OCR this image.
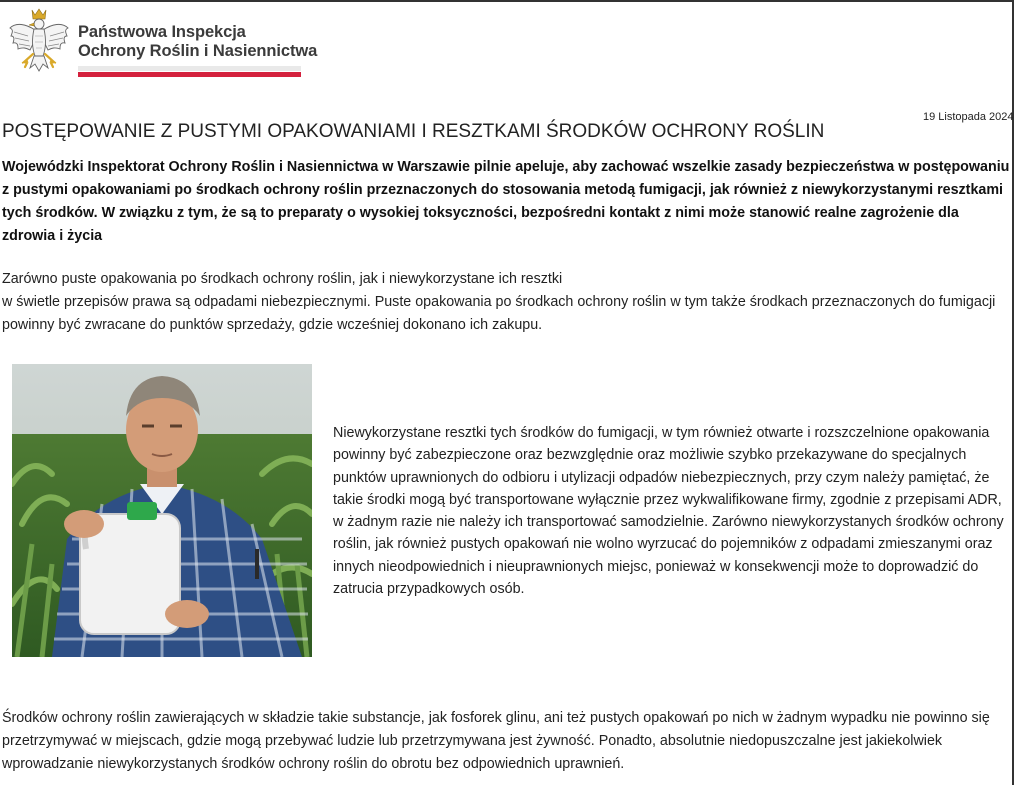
Państwowa Inspekcja
Ochrony Roślin i Nasiennictwa
19 Listopada 2024
POSTĘPOWANIE Z PUSTYMI OPAKOWANIAMI I RESZTKAMI ŚRODKÓW OCHRONY ROŚLIN

Wojewódzki Inspektorat Ochrony Roślin i Nasiennictwa w Warszawie pilnie apeluje, aby zachować wszelkie zasady bezpieczeństwa w postępowaniu z pustymi opakowaniami po środkach ochrony roślin przeznaczonych do stosowania metodą fumigacji, jak również z niewykorzystanymi resztkami tych środków. W związku z tym, że są to preparaty o wysokiej toksyczności, bezpośredni kontakt z nimi może stanowić realne zagrożenie dla zdrowia i życia

Zarówno puste opakowania po środkach ochrony roślin, jak i niewykorzystane ich resztki
w świetle przepisów prawa są odpadami niebezpiecznymi. Puste opakowania po środkach ochrony roślin w tym także środkach przeznaczonych do fumigacji powinny być zwracane do punktów sprzedaży, gdzie wcześniej dokonano ich zakupu.

Niewykorzystane resztki tych środków do fumigacji, w tym również otwarte i rozszczelnione opakowania powinny być zabezpieczone oraz bezwzględnie oraz możliwie szybko przekazywane do specjalnych punktów uprawnionych do odbioru i utylizacji odpadów niebezpiecznych, przy czym należy pamiętać, że takie środki mogą być transportowane wyłącznie przez wykwalifikowane firmy, zgodnie z przepisami ADR, w żadnym razie nie należy ich transportować samodzielnie. Zarówno niewykorzystanych środków ochrony roślin, jak również pustych opakowań nie wolno wyrzucać do pojemników z odpadami zmieszanymi oraz innych nieodpowiednich i nieuprawnionych miejsc, ponieważ w konsekwencji może to doprowadzić do zatrucia przypadkowych osób.

Środków ochrony roślin zawierających w składzie takie substancje, jak fosforek glinu, ani też pustych opakowań po nich w żadnym wypadku nie powinno się przetrzymywać w miejscach, gdzie mogą przebywać ludzie lub przetrzymywana jest żywność. Ponadto, absolutnie niedopuszczalne jest jakiekolwiek wprowadzanie niewykorzystanych środków ochrony roślin do obrotu bez odpowiednich uprawnień.
